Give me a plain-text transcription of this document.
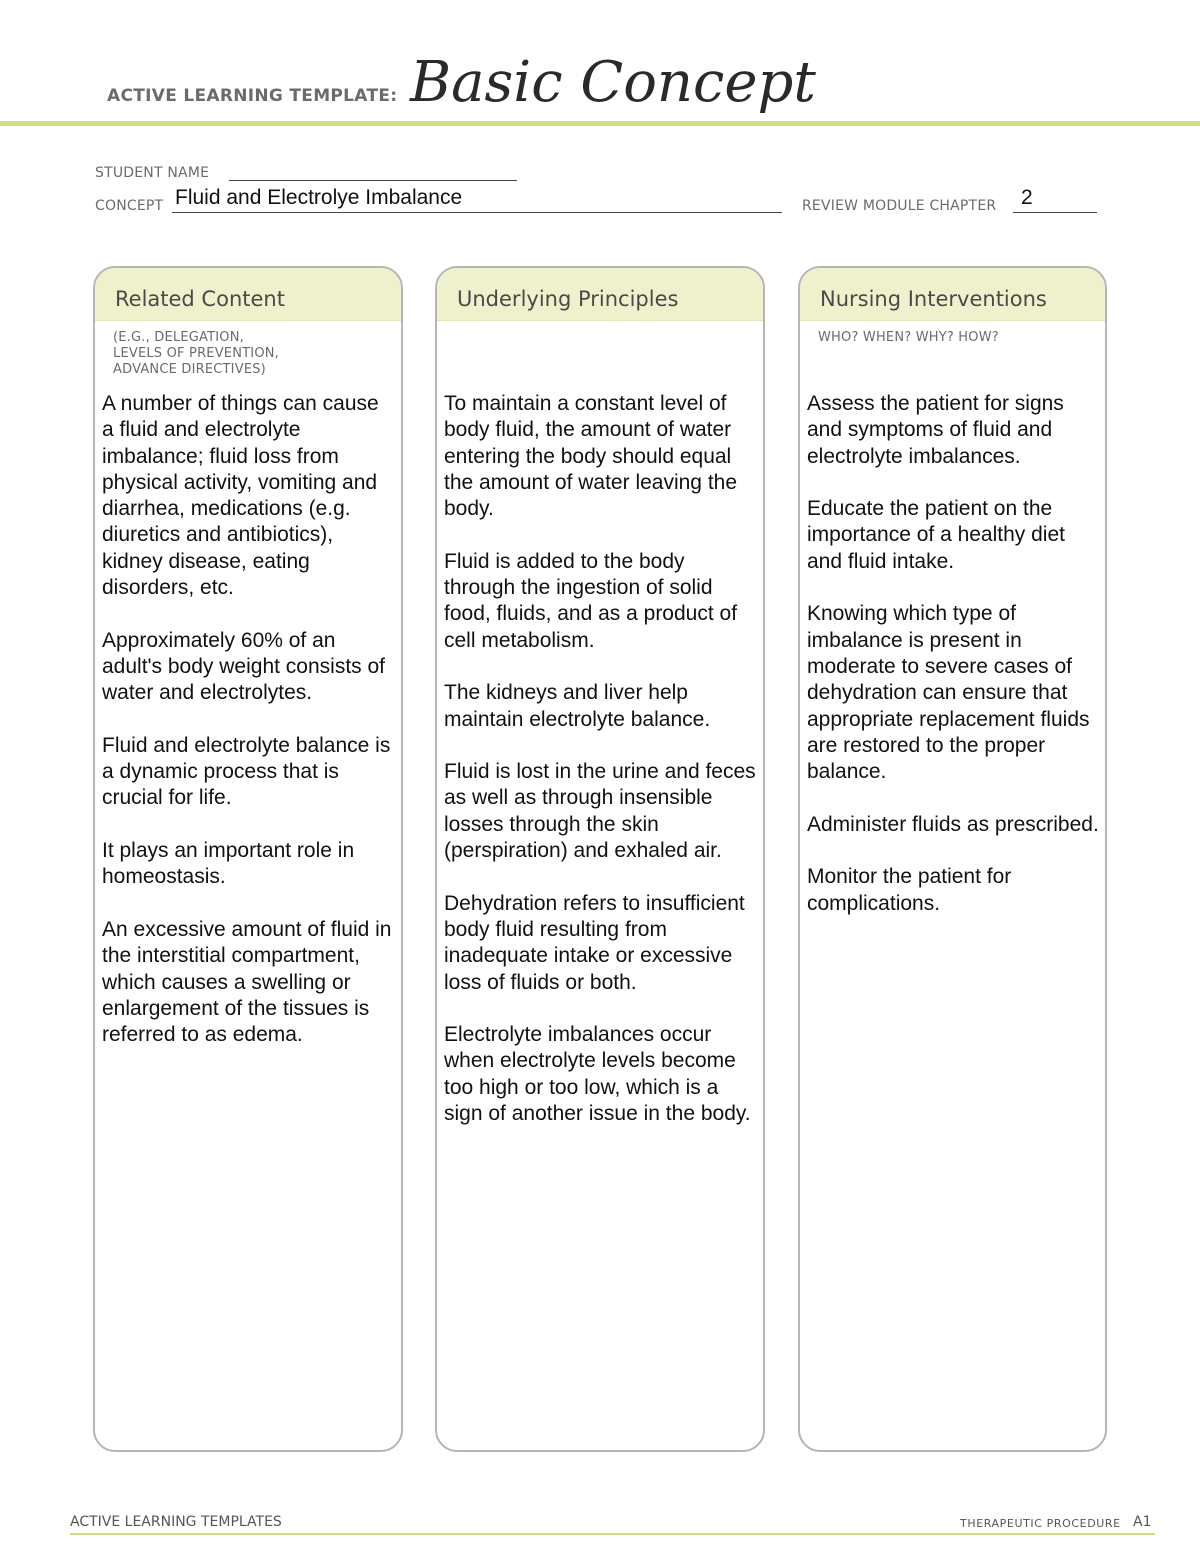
ACTIVE LEARNING TEMPLATE: Basic Concept
STUDENT NAME
CONCEPT Fluid and Electrolye Imbalance	REVIEW MODULE CHAPTER 2
Related Content
(E.G., DELEGATION,
LEVELS OF PREVENTION,
ADVANCE DIRECTIVES)

A number of things can cause a fluid and electrolyte imbalance; fluid loss from physical activity, vomiting and diarrhea, medications (e.g. diuretics and antibiotics), kidney disease, eating disorders, etc.

Approximately 60% of an adult's body weight consists of water and electrolytes.

Fluid and electrolyte balance is a dynamic process that is crucial for life.

It plays an important role in homeostasis.

An excessive amount of fluid in the interstitial compartment, which causes a swelling or enlargement of the tissues is referred to as edema.

Underlying Principles

To maintain a constant level of body fluid, the amount of water entering the body should equal the amount of water leaving the body.

Fluid is added to the body through the ingestion of solid food, fluids, and as a product of cell metabolism.

The kidneys and liver help maintain electrolyte balance.

Fluid is lost in the urine and feces as well as through insensible losses through the skin (perspiration) and exhaled air.

Dehydration refers to insufficient body fluid resulting from inadequate intake or excessive loss of fluids or both.

Electrolyte imbalances occur when electrolyte levels become too high or too low, which is a sign of another issue in the body.

Nursing Interventions
WHO? WHEN? WHY? HOW?

Assess the patient for signs and symptoms of fluid and electrolyte imbalances.

Educate the patient on the importance of a healthy diet and fluid intake.

Knowing which type of imbalance is present in moderate to severe cases of dehydration can ensure that appropriate replacement fluids are restored to the proper balance.

Administer fluids as prescribed.

Monitor the patient for complications.

ACTIVE LEARNING TEMPLATES	THERAPEUTIC PROCEDURE A1
